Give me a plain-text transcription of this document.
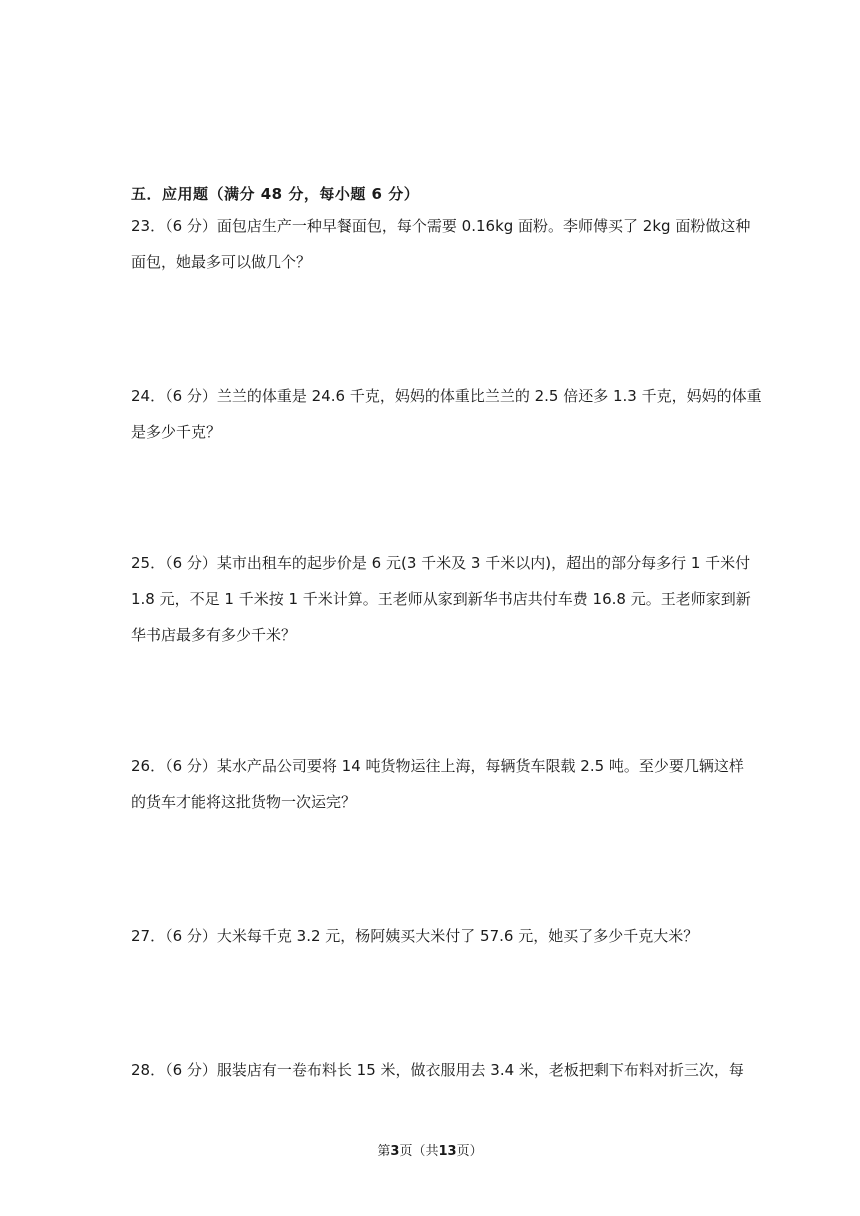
五．应用题（满分 48 分，每小题 6 分）
23．（6 分）面包店生产一种早餐面包，每个需要 0.16kg 面粉。李师傅买了 2kg 面粉做这种
面包，她最多可以做几个？
24．（6 分）兰兰的体重是 24.6 千克，妈妈的体重比兰兰的 2.5 倍还多 1.3 千克，妈妈的体重
是多少千克？
25．（6 分）某市出租车的起步价是 6 元(3 千米及 3 千米以内)，超出的部分每多行 1 千米付
1.8 元，不足 1 千米按 1 千米计算。王老师从家到新华书店共付车费 16.8 元。王老师家到新
华书店最多有多少千米？
26．（6 分）某水产品公司要将 14 吨货物运往上海，每辆货车限载 2.5 吨。至少要几辆这样
的货车才能将这批货物一次运完？
27．（6 分）大米每千克 3.2 元，杨阿姨买大米付了 57.6 元，她买了多少千克大米？
28．（6 分）服装店有一卷布料长 15 米，做衣服用去 3.4 米，老板把剩下布料对折三次，每
第3页（共13页）
